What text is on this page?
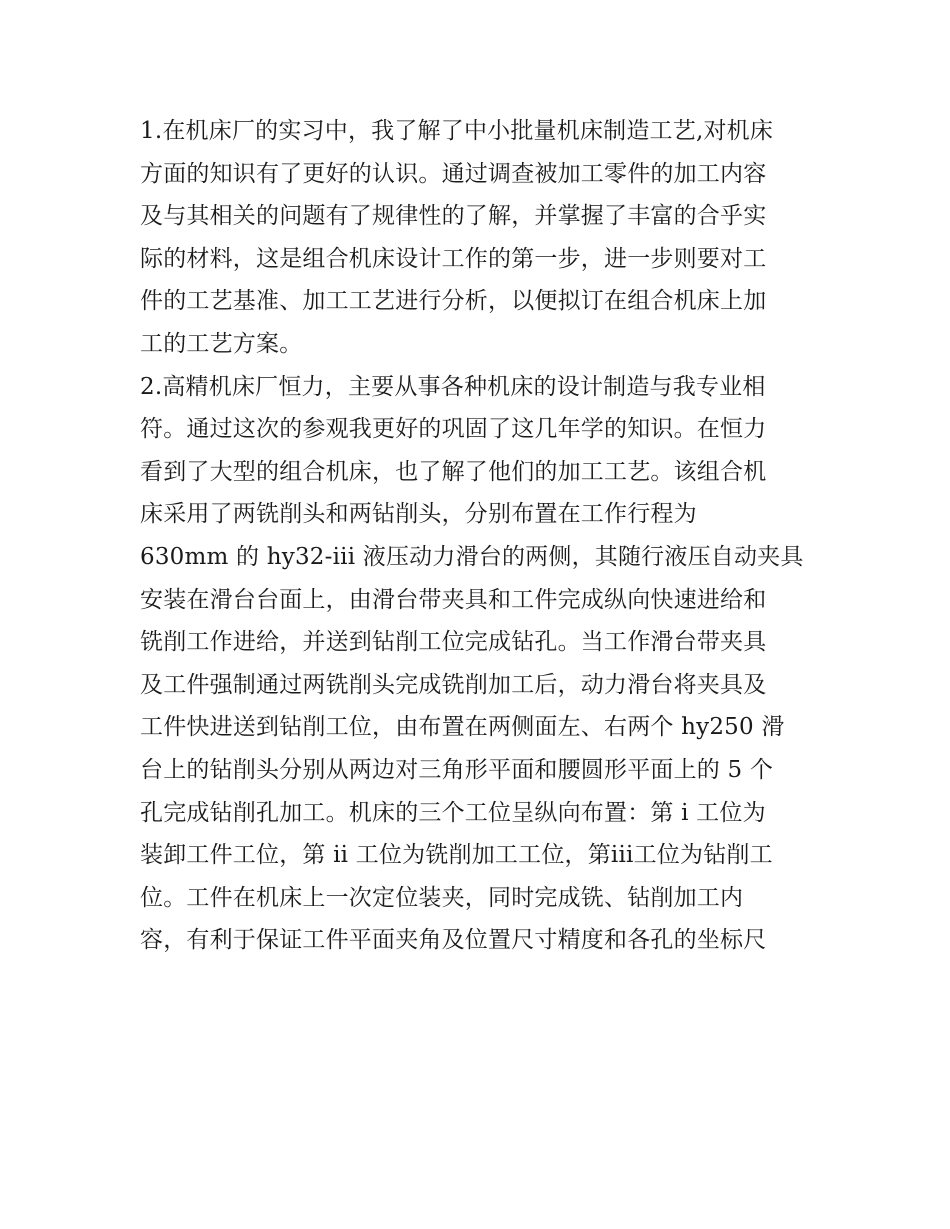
1.在机床厂的实习中，我了解了中小批量机床制造工艺,对机床
方面的知识有了更好的认识。通过调查被加工零件的加工内容
及与其相关的问题有了规律性的了解，并掌握了丰富的合乎实
际的材料，这是组合机床设计工作的第一步，进一步则要对工
件的工艺基准、加工工艺进行分析，以便拟订在组合机床上加
工的工艺方案。
2.高精机床厂恒力，主要从事各种机床的设计制造与我专业相
符。通过这次的参观我更好的巩固了这几年学的知识。在恒力
看到了大型的组合机床，也了解了他们的加工工艺。该组合机
床采用了两铣削头和两钻削头，分别布置在工作行程为
630mm 的 hy32-iii 液压动力滑台的两侧，其随行液压自动夹具
安装在滑台台面上，由滑台带夹具和工件完成纵向快速进给和
铣削工作进给，并送到钻削工位完成钻孔。当工作滑台带夹具
及工件强制通过两铣削头完成铣削加工后，动力滑台将夹具及
工件快进送到钻削工位，由布置在两侧面左、右两个 hy250 滑
台上的钻削头分别从两边对三角形平面和腰圆形平面上的 5 个
孔完成钻削孔加工。机床的三个工位呈纵向布置：第 i 工位为
装卸工件工位，第 ii 工位为铣削加工工位，第iii工位为钻削工
位。工件在机床上一次定位装夹，同时完成铣、钻削加工内
容，有利于保证工件平面夹角及位置尺寸精度和各孔的坐标尺
